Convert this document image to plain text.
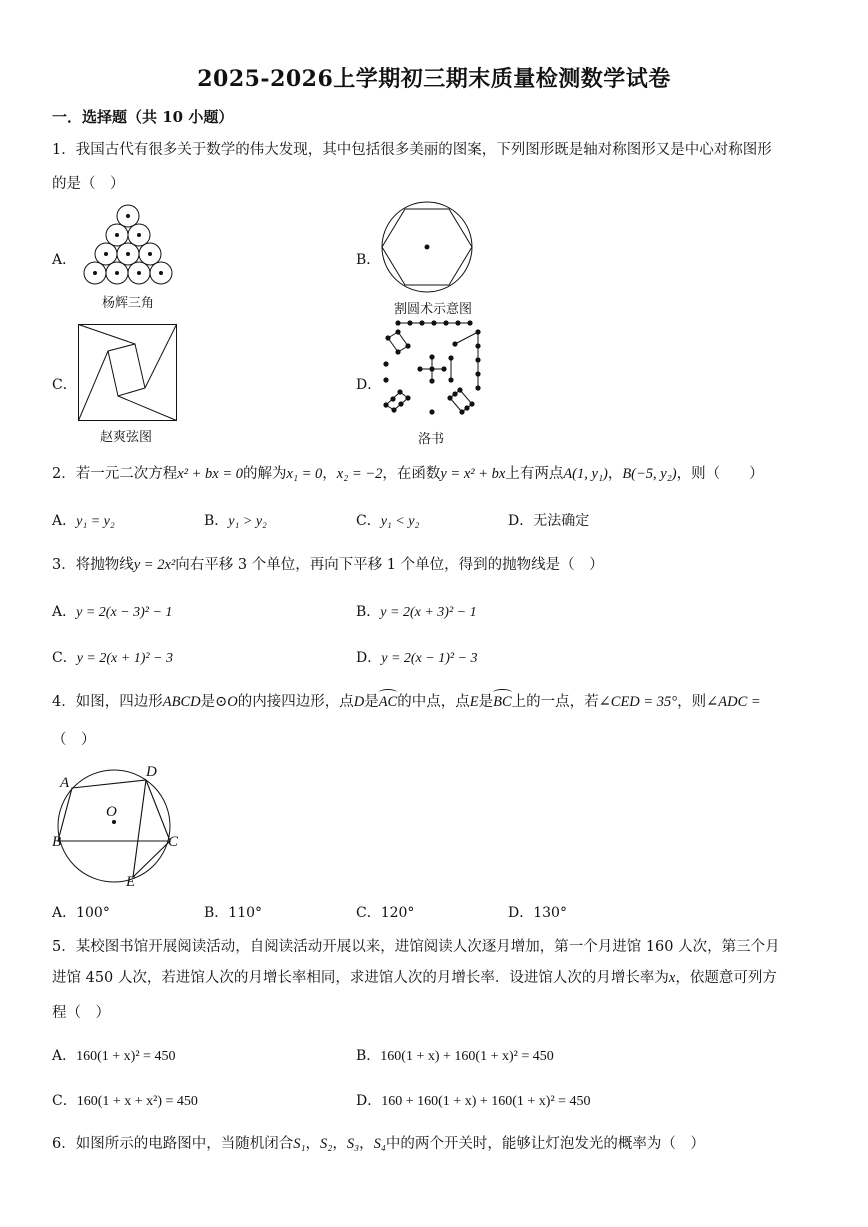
2025-2026上学期初三期末质量检测数学试卷
一．选择题（共 10 小题）
1．我国古代有很多关于数学的伟大发现，其中包括很多美丽的图案，下列图形既是轴对称图形又是中心对称图形
的是（　）
A．
杨辉三角
B．
割圆术示意图
C．
赵爽弦图
D．
洛书
2．若一元二次方程x² + bx = 0的解为x₁ = 0，x₂ = −2，在函数y = x² + bx上有两点A(1, y₁)，B(−5, y₂)，则（　　）
A．y₁ = y₂	B．y₁ > y₂	C．y₁ < y₂	D．无法确定
3．将抛物线y = 2x²向右平移 3 个单位，再向下平移 1 个单位，得到的抛物线是（　）
A．y = 2(x − 3)² − 1	B．y = 2(x + 3)² − 1
C．y = 2(x + 1)² − 3	D．y = 2(x − 1)² − 3
4．如图，四边形ABCD是⊙O的内接四边形，点D是AC的中点，点E是BC上的一点，若∠CED = 35°，则∠ADC =
（　）
A
D
O
B	C
E
A．100°	B．110°	C．120°	D．130°
5．某校图书馆开展阅读活动，自阅读活动开展以来，进馆阅读人次逐月增加，第一个月进馆 160 人次，第三个月
进馆 450 人次，若进馆人次的月增长率相同，求进馆人次的月增长率．设进馆人次的月增长率为x，依题意可列方
程（　）
A．160(1 + x)² = 450	B．160(1 + x) + 160(1 + x)² = 450
C．160(1 + x + x²) = 450	D．160 + 160(1 + x) + 160(1 + x)² = 450
6．如图所示的电路图中，当随机闭合S₁，S₂，S₃，S₄中的两个开关时，能够让灯泡发光的概率为（　）
